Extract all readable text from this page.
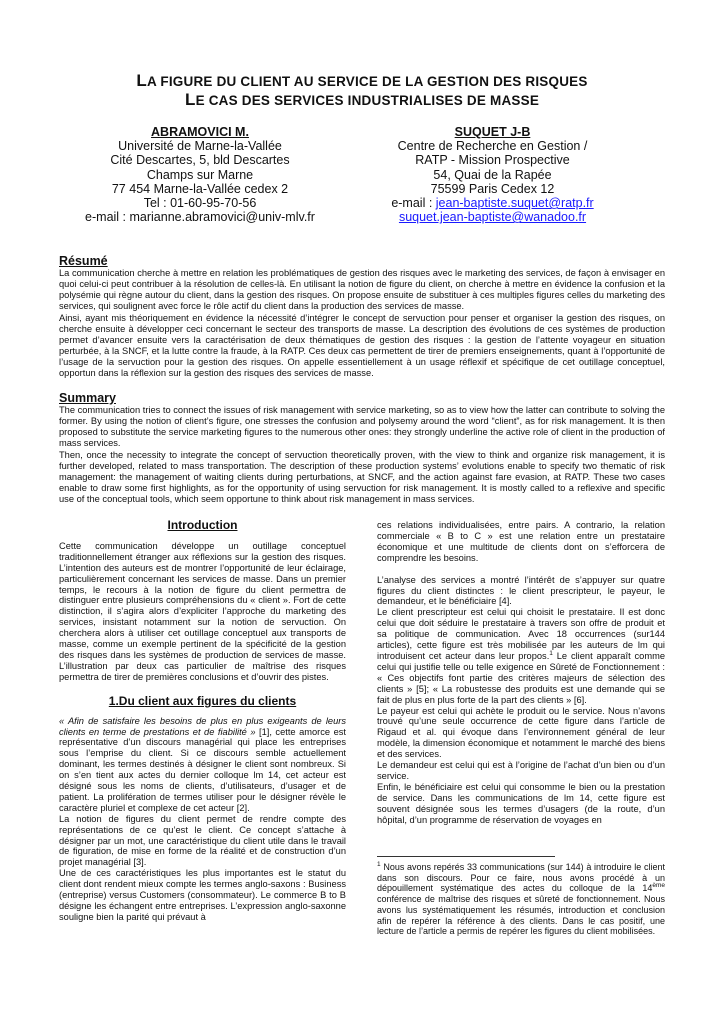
LA FIGURE DU CLIENT AU SERVICE DE LA GESTION DES RISQUES
LE CAS DES SERVICES INDUSTRIALISES DE MASSE
ABRAMOVICI M.
Université de Marne-la-Vallée
Cité Descartes, 5, bld Descartes
Champs sur Marne
77 454 Marne-la-Vallée cedex 2
Tel : 01-60-95-70-56
e-mail : marianne.abramovici@univ-mlv.fr
SUQUET J-B
Centre de Recherche en Gestion /
RATP - Mission Prospective
54, Quai de la Rapée
75599 Paris Cedex 12
e-mail : jean-baptiste.suquet@ratp.fr
suquet.jean-baptiste@wanadoo.fr
Résumé

La communication cherche à mettre en relation les problématiques de gestion des risques avec le marketing des services, de façon à envisager en quoi celui-ci peut contribuer à la résolution de celles-là. En utilisant la notion de figure du client, on cherche à mettre en évidence la confusion et la polysémie qui règne autour du client, dans la gestion des risques. On propose ensuite de substituer à ces multiples figures celles du marketing des services, qui soulignent avec force le rôle actif du client dans la production des services de masse.

Ainsi, ayant mis théoriquement en évidence la nécessité d’intégrer le concept de servuction pour penser et organiser la gestion des risques, on cherche ensuite à développer ceci concernant le secteur des transports de masse. La description des évolutions de ces systèmes de production permet d’avancer ensuite vers la caractérisation de deux thématiques de gestion des risques : la gestion de l’attente voyageur en situation perturbée, à la SNCF, et la lutte contre la fraude, à la RATP. Ces deux cas permettent de tirer de premiers enseignements, quant à l’opportunité de l’usage de la servuction pour la gestion des risques. On appelle essentiellement à un usage réflexif et spécifique de cet outillage conceptuel, opportun dans la réflexion sur la gestion des risques des services de masse.

Summary

The communication tries to connect the issues of risk management with service marketing, so as to view how the latter can contribute to solving the former. By using the notion of client’s figure, one stresses the confusion and polysemy around the word “client”, as for risk management. It is then proposed to substitute the service marketing figures to the numerous other ones: they strongly underline the active role of client in the production of mass services.

Then, once the necessity to integrate the concept of servuction theoretically proven, with the view to think and organize risk management, it is further developed, related to mass transportation. The description of these production systems’ evolutions enable to specify two thematic of risk management: the management of waiting clients during perturbations, at SNCF, and the action against fare evasion, at RATP. These two cases enable to draw some first highlights, as for the opportunity of using servuction for risk management. It is mostly called to a reflexive and specific use of the conceptual tools, which seem opportune to think about risk management in mass services.

Introduction

Cette communication développe un outillage conceptuel traditionnellement étranger aux réflexions sur la gestion des risques. L’intention des auteurs est de montrer l’opportunité de leur éclairage, particulièrement concernant les services de masse. Dans un premier temps, le recours à la notion de figure du client permettra de distinguer entre plusieurs compréhensions du « client ». Fort de cette distinction, il s’agira alors d’expliciter l’approche du marketing des services, insistant notamment sur la notion de servuction. On cherchera alors à utiliser cet outillage conceptuel aux transports de masse, comme un exemple pertinent de la spécificité de la gestion des risques dans les systèmes de production de services de masse. L’illustration par deux cas particulier de maîtrise des risques permettra de tirer de premières conclusions et d’ouvrir des pistes.

1.Du client aux figures du clients

« Afin de satisfaire les besoins de plus en plus exigeants de leurs clients en terme de prestations et de fiabilité » [1], cette amorce est représentative d’un discours managérial qui place les entreprises sous l’emprise du client. Si ce discours semble actuellement dominant, les termes destinés à désigner le client sont nombreux. Si on s’en tient aux actes du dernier colloque lm 14, cet acteur est désigné sous les noms de clients, d’utilisateurs, d’usager et de patient. La prolifération de termes utiliser pour le désigner révèle le caractère pluriel et complexe de cet acteur [2].

La notion de figures du client permet de rendre compte des représentations de ce qu’est le client. Ce concept s’attache à désigner par un mot, une caractéristique du client utile dans le travail de figuration, de mise en forme de la réalité et de construction d’un projet managérial [3].

Une de ces caractéristiques les plus importantes est le statut du client dont rendent mieux compte les termes anglo-saxons : Business (entreprise) versus Customers (consommateur). Le commerce B to B désigne les échangent entre entreprises. L’expression anglo-saxonne souligne bien la parité qui prévaut à

ces relations individualisées, entre pairs. A contrario, la relation commerciale « B to C » est une relation entre un prestataire économique et une multitude de clients dont on s’efforcera de comprendre les besoins.

L’analyse des services a montré l’intérêt de s’appuyer sur quatre figures du client distinctes : le client prescripteur, le payeur, le demandeur, et le bénéficiaire [4].

Le client prescripteur est celui qui choisit le prestataire. Il est donc celui que doit séduire le prestataire à travers son offre de produit et sa politique de communication. Avec 18 occurrences (sur144 articles), cette figure est très mobilisée par les auteurs de lm qui introduisent cet acteur dans leur propos.$^1$ Le client apparaît comme celui qui justifie telle ou telle exigence en Sûreté de Fonctionnement : « Ces objectifs font partie des critères majeurs de sélection des clients » [5]; « La robustesse des produits est une demande qui se fait de plus en plus forte de la part des clients » [6].

Le payeur est celui qui achète le produit ou le service. Nous n’avons trouvé qu’une seule occurrence de cette figure dans l’article de Rigaud et al. qui évoque dans l’environnement général de leur modèle, la dimension économique et notamment le marché des biens et des services.

Le demandeur est celui qui est à l’origine de l’achat d’un bien ou d’un service.

Enfin, le bénéficiaire est celui qui consomme le bien ou la prestation de service. Dans les communications de lm 14, cette figure est souvent désignée sous les termes d’usagers (de la route, d’un hôpital, d’un programme de réservation de voyages en

$^1$ Nous avons repérés 33 communications (sur 144) à introduire le client dans son discours. Pour ce faire, nous avons procédé à un dépouillement systématique des actes du colloque de la 14ème conférence de maîtrise des risques et sûreté de fonctionnement. Nous avons lus systématiquement les résumés, introduction et conclusion afin de repérer la référence à des clients. Dans le cas positif, une lecture de l’article a permis de repérer les figures du client mobilisées.
